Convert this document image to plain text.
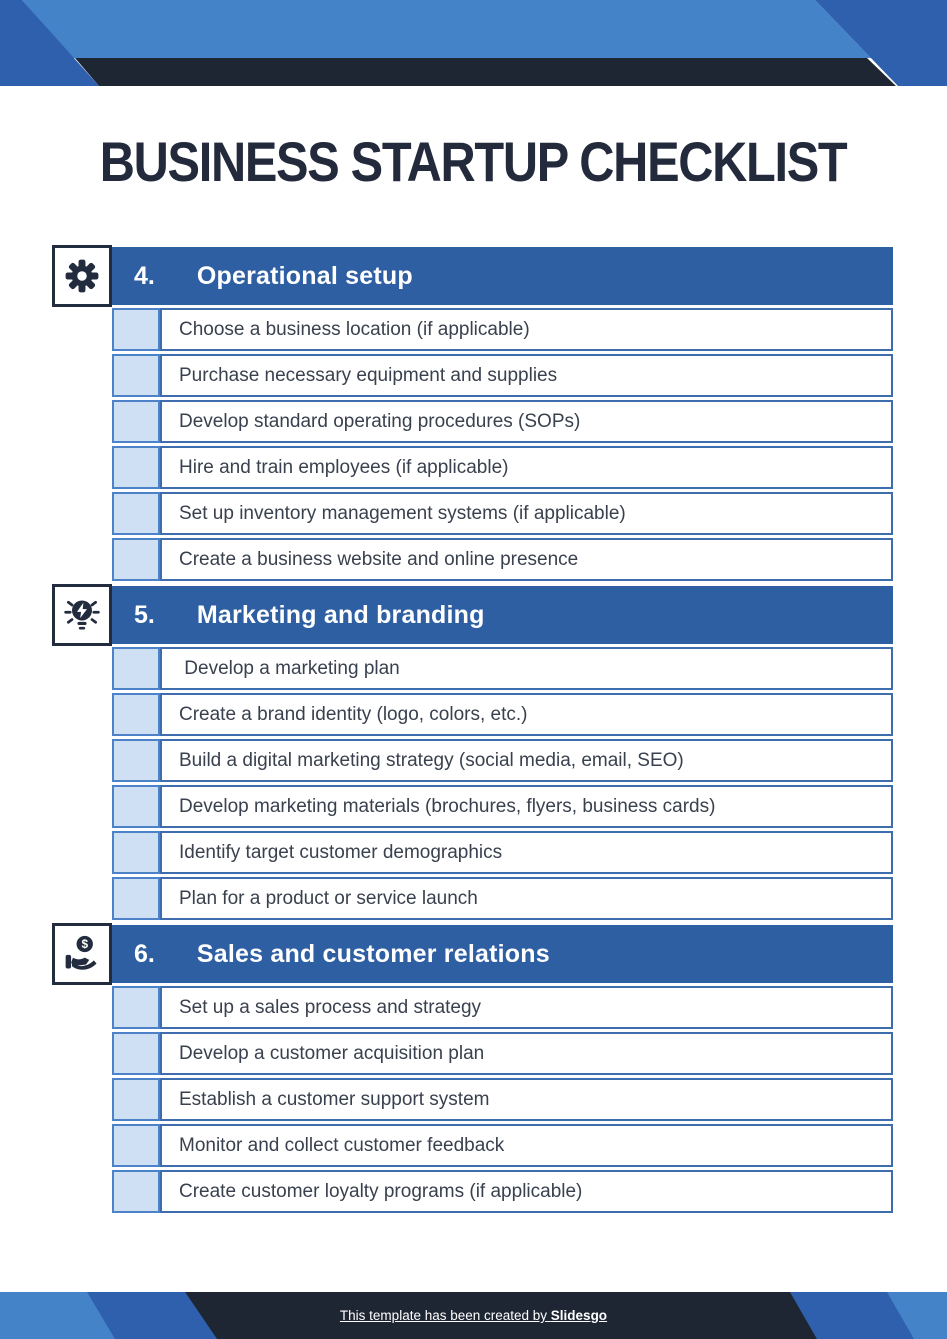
BUSINESS STARTUP CHECKLIST
4. Operational setup
Choose a business location (if applicable)
Purchase necessary equipment and supplies
Develop standard operating procedures (SOPs)
Hire and train employees (if applicable)
Set up inventory management systems (if applicable)
Create a business website and online presence
5. Marketing and branding
Develop a marketing plan
Create a brand identity (logo, colors, etc.)
Build a digital marketing strategy (social media, email, SEO)
Develop marketing materials (brochures, flyers, business cards)
Identify target customer demographics
Plan for a product or service launch
$ 6. Sales and customer relations
Set up a sales process and strategy
Develop a customer acquisition plan
Establish a customer support system
Monitor and collect customer feedback
Create customer loyalty programs (if applicable)
This template has been created by Slidesgo
